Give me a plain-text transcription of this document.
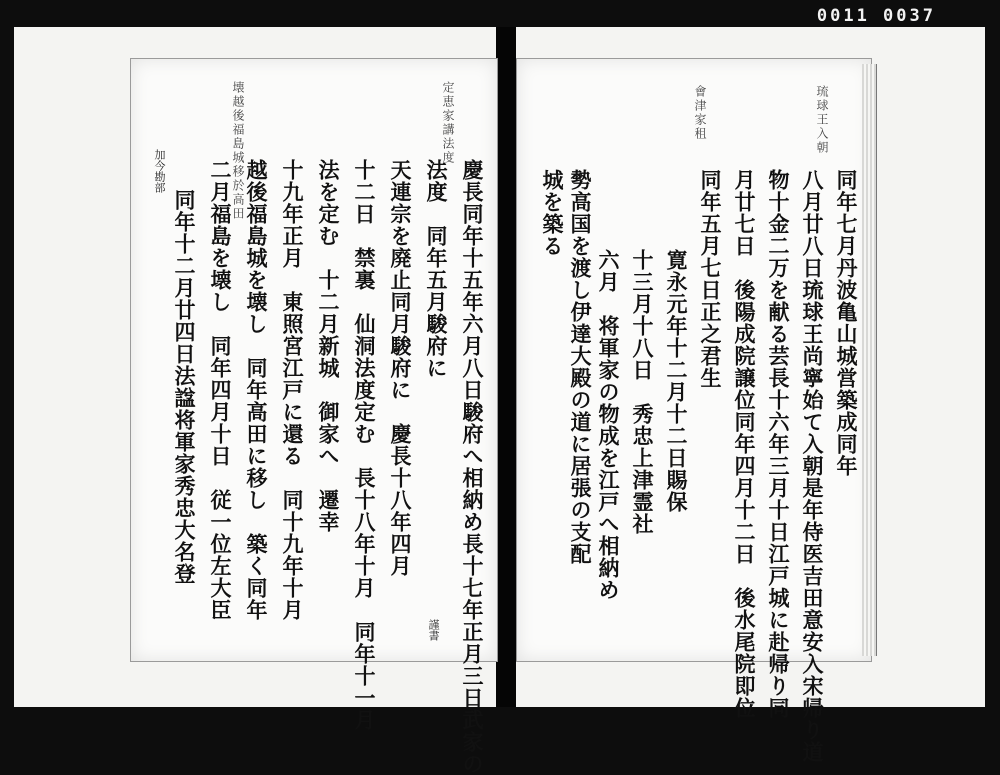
0011 0037
定恵家講法度
壊越後福島城移於高田
慶長同年十五年六月八日駿府へ相納め長十七年正月三日武家の
法度　同年五月駿府に
天連宗を廃止同月駿府に　慶長十八年四月
十二日　禁裏　仙洞法度定む　長十八年十月　同年十一月
法を定む　十二月新城　御家へ　遷幸
十九年正月　東照宮江戸に還る　同十九年十月
越後福島城を壊し　同年高田に移し　築く同年
二月福島を壊し　同年四月十日　従一位左大臣
同年十二月廿四日法諡将軍家秀忠大名登
謹書
加今勘部
琉球王入朝
會津家租
城を築る	同年七月丹波亀山城営築成同年
八月廿八日琉球王尚寧始て入朝是年侍医吉田意安入宋帰り道
物十金二万を献る芸長十六年三月十日江戸城に赴帰り同
月廿七日　後陽成院譲位同年四月十二日　後水尾院即位
同年五月七日正之君生
寛永元年十二月十二日賜保
十三月十八日　秀忠上津霊社
六月　将軍家の物成を江戸へ相納め
勢高国を渡し伊達大殿の道に居張の支配
